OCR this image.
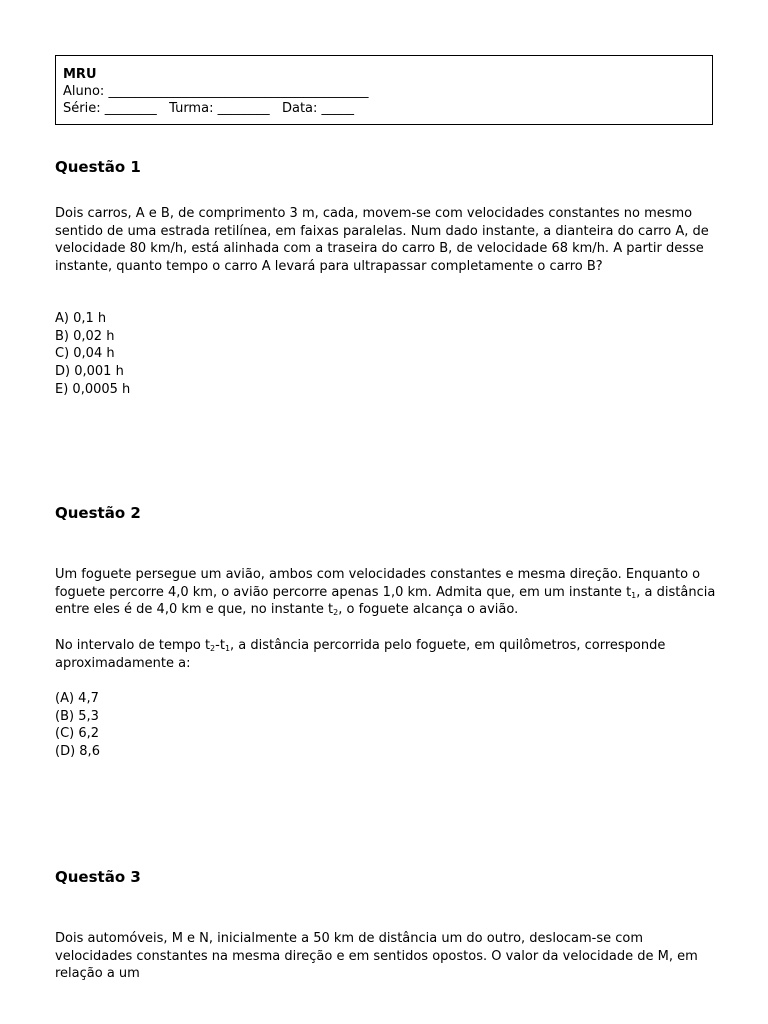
MRU
Aluno: ________________________________________
Série: ________   Turma: ________   Data: _____
Questão 1
Dois carros, A e B, de comprimento 3 m, cada, movem-se com velocidades constantes no mesmo sentido de uma estrada retilínea, em faixas paralelas. Num dado instante, a dianteira do carro A, de velocidade 80 km/h, está alinhada com a traseira do carro B, de velocidade 68 km/h. A partir desse instante, quanto tempo o carro A levará para ultrapassar completamente o carro B?
A) 0,1 h
B) 0,02 h
C) 0,04 h
D) 0,001 h
E) 0,0005 h
Questão 2
Um foguete persegue um avião, ambos com velocidades constantes e mesma direção. Enquanto o foguete percorre 4,0 km, o avião percorre apenas 1,0 km. Admita que, em um instante $t_1$, a distância entre eles é de 4,0 km e que, no instante $t_2$, o foguete alcança o avião.
No intervalo de tempo $t_2-t_1$, a distância percorrida pelo foguete, em quilômetros, corresponde aproximadamente a:
(A) 4,7
(B) 5,3
(C) 6,2
(D) 8,6
Questão 3
Dois automóveis, M e N, inicialmente a 50 km de distância um do outro, deslocam-se com velocidades constantes na mesma direção e em sentidos opostos. O valor da velocidade de M, em relação a um
